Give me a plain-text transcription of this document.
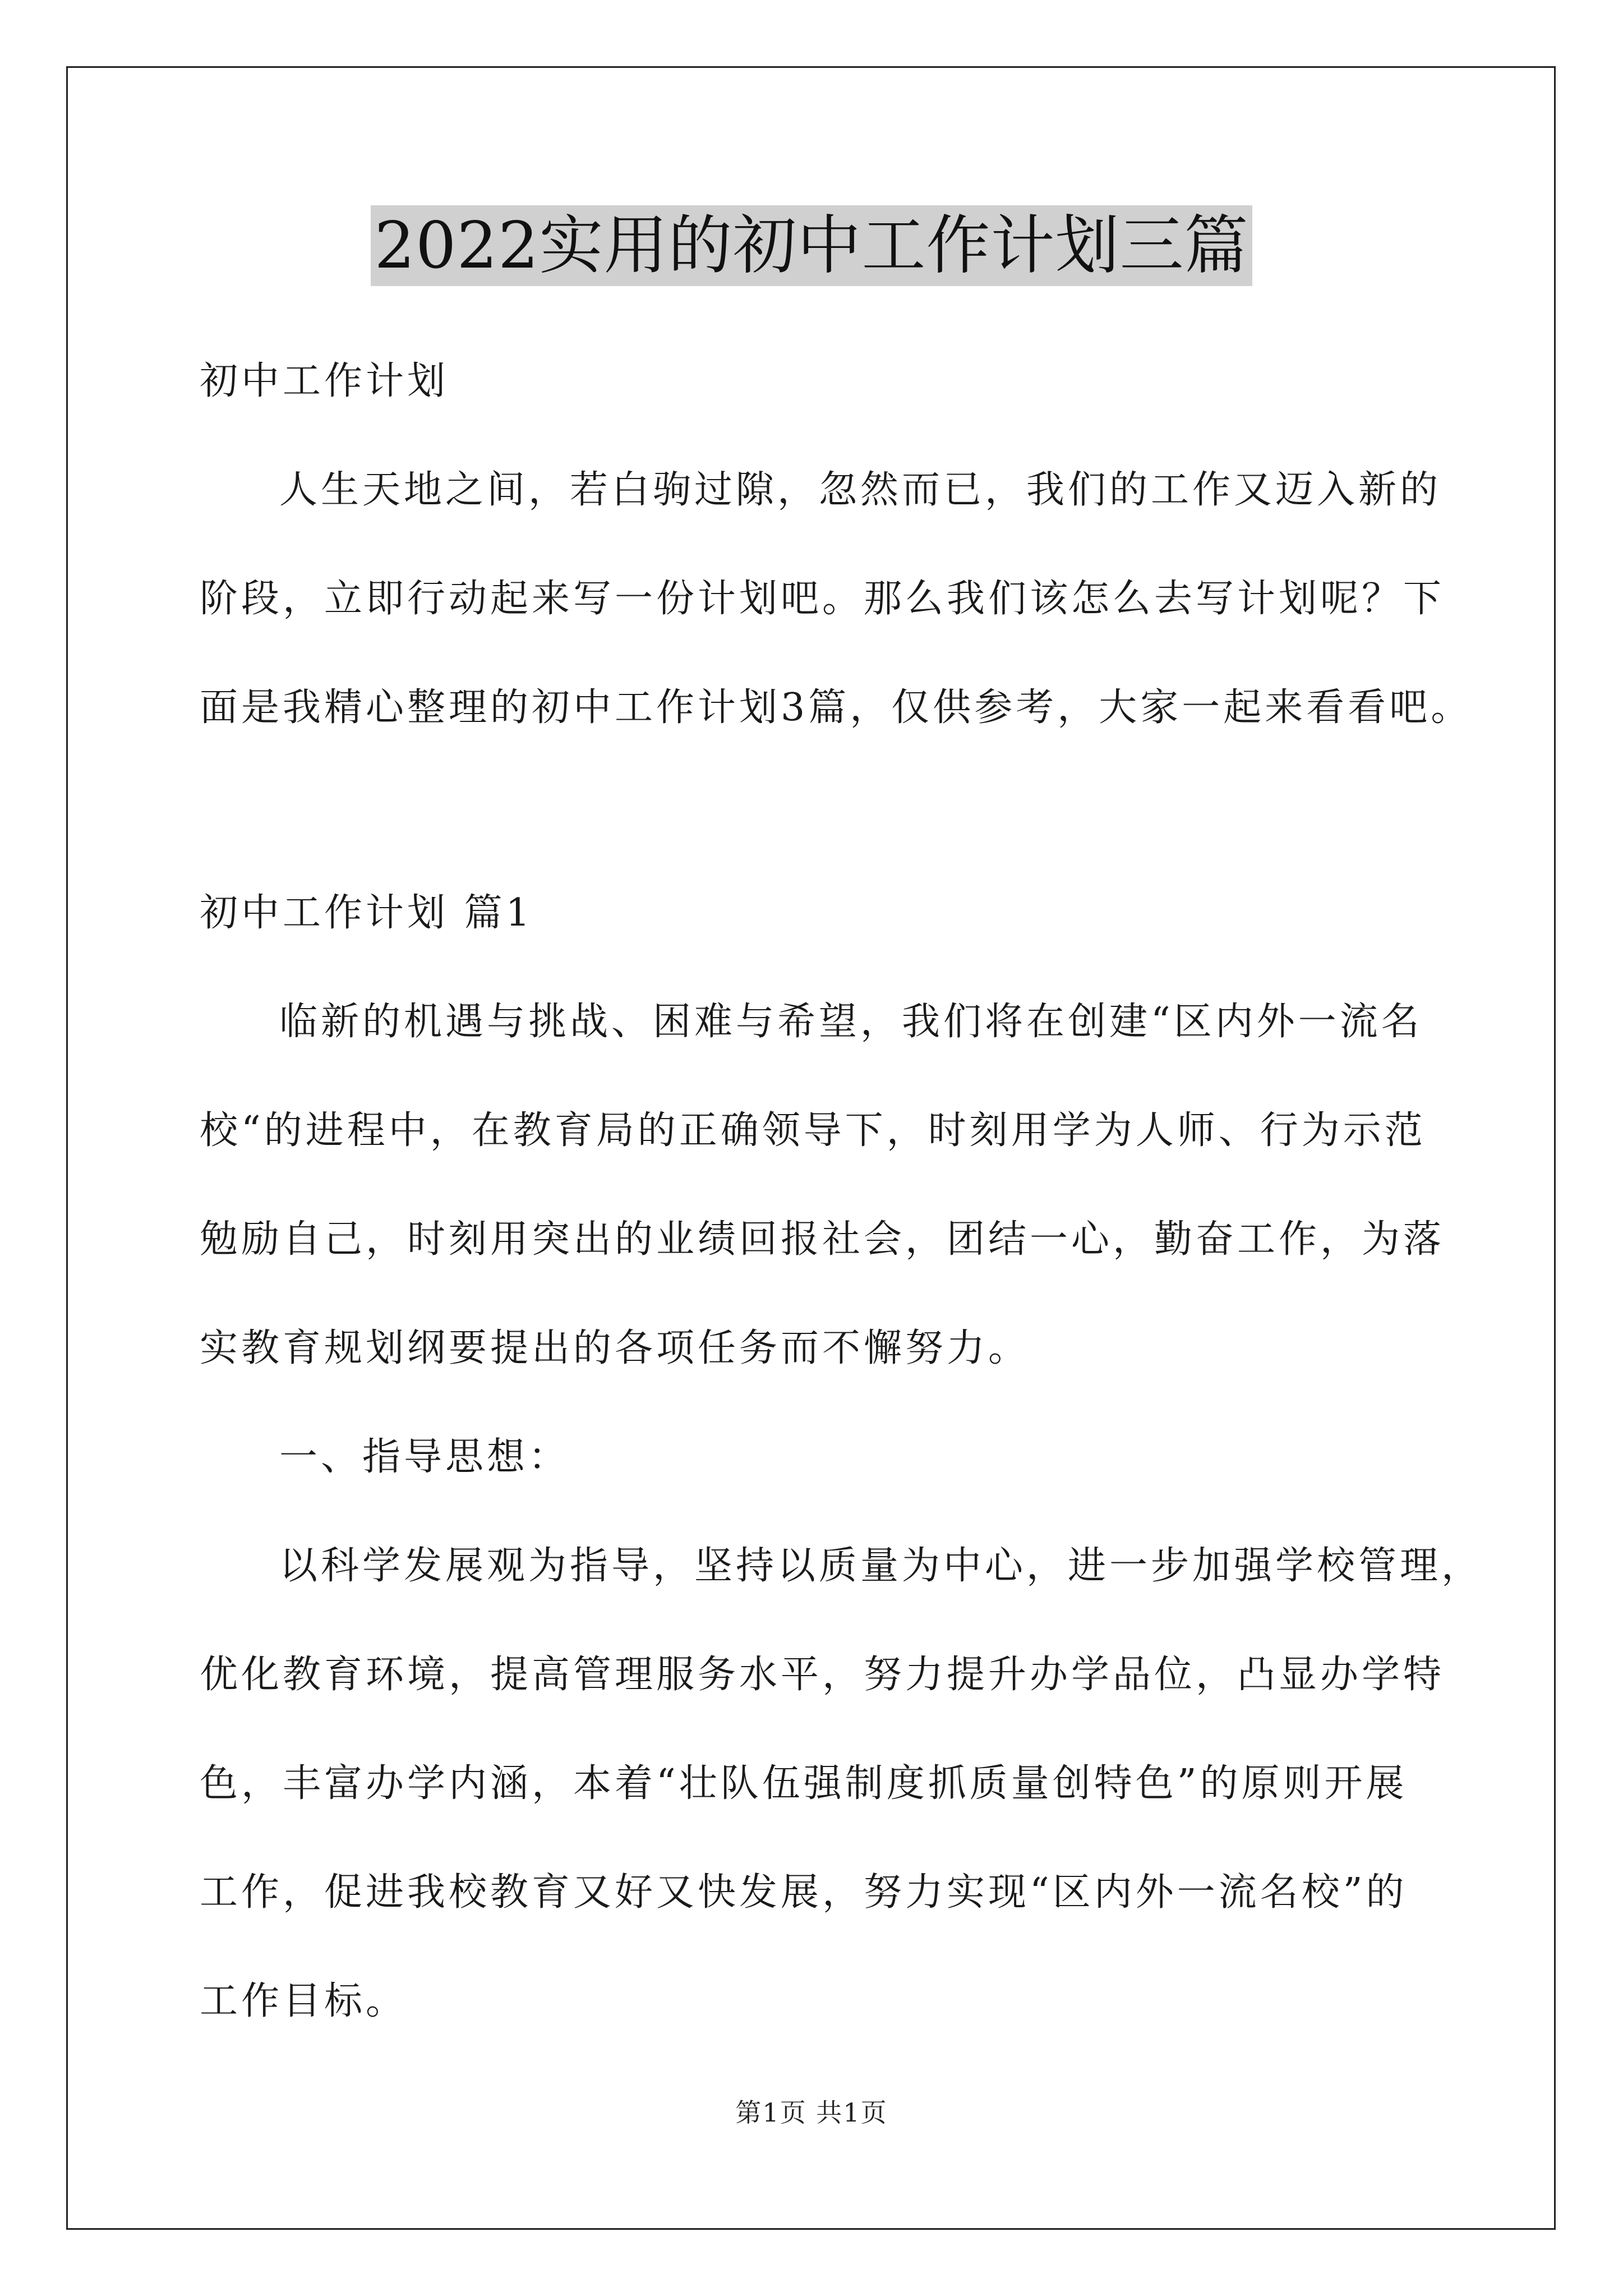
2022实用的初中工作计划三篇
初中工作计划
人生天地之间，若白驹过隙，忽然而已，我们的工作又迈入新的
阶段，立即行动起来写一份计划吧。那么我们该怎么去写计划呢？下
面是我精心整理的初中工作计划3篇，仅供参考，大家一起来看看吧。
初中工作计划 篇1
临新的机遇与挑战、困难与希望，我们将在创建“区内外一流名
校“的进程中，在教育局的正确领导下，时刻用学为人师、行为示范
勉励自己，时刻用突出的业绩回报社会，团结一心，勤奋工作，为落
实教育规划纲要提出的各项任务而不懈努力。
一、指导思想：
以科学发展观为指导，坚持以质量为中心，进一步加强学校管理，
优化教育环境，提高管理服务水平，努力提升办学品位，凸显办学特
色，丰富办学内涵，本着“壮队伍强制度抓质量创特色”的原则开展
工作，促进我校教育又好又快发展，努力实现“区内外一流名校”的
工作目标。
第1页 共1页
